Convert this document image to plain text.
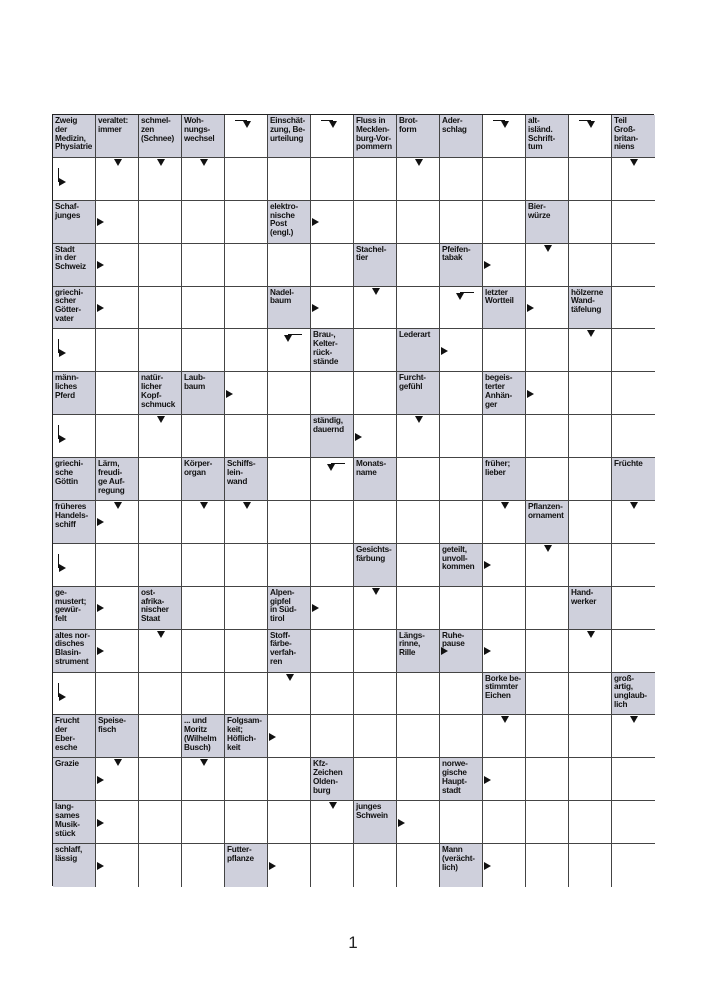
Zweig
der
Medizin,
Physiatrie
veraltet:
immer
schmel-
zen
(Schnee)
Woh-
nungs-
wechsel
Einschät-
zung, Be-
urteilung
Fluss in
Mecklen-
burg-Vor-
pommern
Brot-
form
Ader-
schlag
alt-
isländ.
Schrift-
tum
Teil
Groß-
britan-
niens
Schaf-
junges
elektro-
nische
Post
(engl.)
Bier-
würze
Stadt
in der
Schweiz
Stachel-
tier
Pfeifen-
tabak
griechi-
scher
Götter-
vater
Nadel-
baum
letzter
Wortteil
hölzerne
Wand-
täfelung
Brau-,
Kelter-
rück-
stände
Lederart
männ-
liches
Pferd
natür-
licher
Kopf-
schmuck
Laub-
baum
Furcht-
gefühl
begeis-
terter
Anhän-
ger
ständig,
dauernd
griechi-
sche
Göttin
Lärm,
freudi-
ge Auf-
regung
Körper-
organ
Schiffs-
lein-
wand
Monats-
name
früher;
lieber
Früchte
früheres
Handels-
schiff
Pflanzen-
ornament
Gesichts-
färbung
geteilt,
unvoll-
kommen
ge-
mustert;
gewür-
felt
ost-
afrika-
nischer
Staat
Alpen-
gipfel
in Süd-
tirol
Hand-
werker
altes nor-
disches
Blasin-
strument
Stoff-
färbe-
verfah-
ren
Längs-
rinne,
Rille
Ruhe-
pause
Borke be-
stimmter
Eichen
groß-
artig,
unglaub-
lich
Frucht
der
Eber-
esche
Speise-
fisch
... und
Moritz
(Wilhelm
Busch)
Folgsam-
keit;
Höflich-
keit
Grazie	Kfz-
Zeichen
Olden-
burg
norwe-
gische
Haupt-
stadt
lang-
sames
Musik-
stück
junges
Schwein
schlaff,
lässig
Futter-
pflanze
Mann
(verächt-
lich)
1
